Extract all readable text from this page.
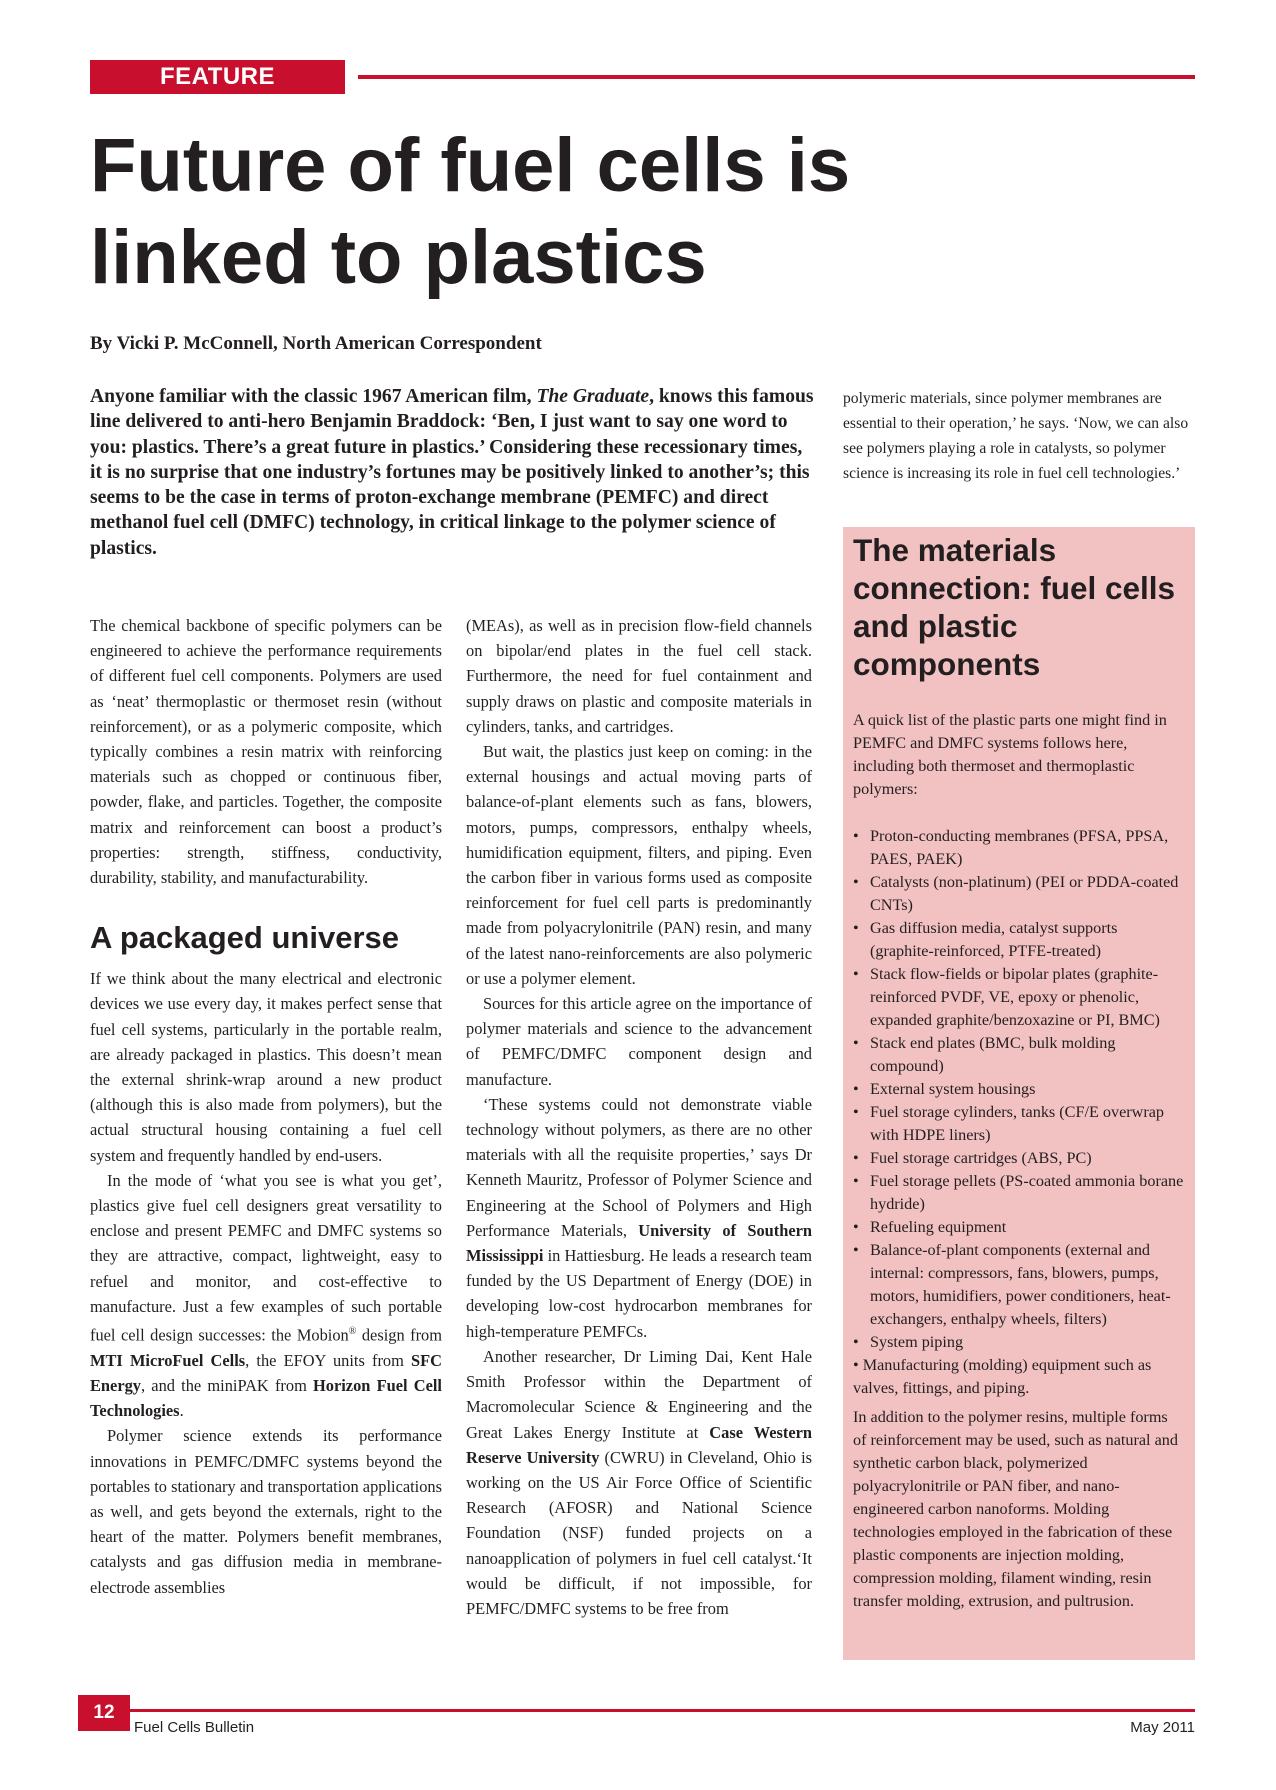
FEATURE
Future of fuel cells is linked to plastics

By Vicki P. McConnell, North American Correspondent

Anyone familiar with the classic 1967 American film, The Graduate, knows this famous line delivered to anti-hero Benjamin Braddock: ‘Ben, I just want to say one word to you: plastics. There’s a great future in plastics.’ Considering these recessionary times, it is no surprise that one industry’s fortunes may be positively linked to another’s; this seems to be the case in terms of proton-exchange membrane (PEMFC) and direct methanol fuel cell (DMFC) technology, in critical linkage to the polymer science of plastics.

The chemical backbone of specific polymers can be engineered to achieve the performance requirements of different fuel cell components. Polymers are used as ‘neat’ thermoplastic or thermoset resin (without reinforcement), or as a polymeric composite, which typically combines a resin matrix with reinforcing materials such as chopped or continuous fiber, powder, flake, and particles. Together, the composite matrix and reinforcement can boost a product’s properties: strength, stiffness, conductivity, durability, stability, and manufacturability.

A packaged universe

If we think about the many electrical and electronic devices we use every day, it makes perfect sense that fuel cell systems, particularly in the portable realm, are already packaged in plastics. This doesn’t mean the external shrink-wrap around a new product (although this is also made from polymers), but the actual structural housing containing a fuel cell system and frequently handled by end-users.

In the mode of ‘what you see is what you get’, plastics give fuel cell designers great versatility to enclose and present PEMFC and DMFC systems so they are attractive, compact, lightweight, easy to refuel and monitor, and cost-effective to manufacture. Just a few examples of such portable fuel cell design successes: the Mobion® design from MTI MicroFuel Cells, the EFOY units from SFC Energy, and the miniPAK from Horizon Fuel Cell Technologies.

Polymer science extends its performance innovations in PEMFC/DMFC systems beyond the portables to stationary and transportation applications as well, and gets beyond the externals, right to the heart of the matter. Polymers benefit membranes, catalysts and gas diffusion media in membrane-electrode assemblies

(MEAs), as well as in precision flow-field channels on bipolar/end plates in the fuel cell stack. Furthermore, the need for fuel containment and supply draws on plastic and composite materials in cylinders, tanks, and cartridges.

But wait, the plastics just keep on coming: in the external housings and actual moving parts of balance-of-plant elements such as fans, blowers, motors, pumps, compressors, enthalpy wheels, humidification equipment, filters, and piping. Even the carbon fiber in various forms used as composite reinforcement for fuel cell parts is predominantly made from polyacrylonitrile (PAN) resin, and many of the latest nano-reinforcements are also polymeric or use a polymer element.

Sources for this article agree on the importance of polymer materials and science to the advancement of PEMFC/DMFC component design and manufacture.

‘These systems could not demonstrate viable technology without polymers, as there are no other materials with all the requisite properties,’ says Dr Kenneth Mauritz, Professor of Polymer Science and Engineering at the School of Polymers and High Performance Materials, University of Southern Mississippi in Hattiesburg. He leads a research team funded by the US Department of Energy (DOE) in developing low-cost hydrocarbon membranes for high-temperature PEMFCs.

Another researcher, Dr Liming Dai, Kent Hale Smith Professor within the Department of Macromolecular Science & Engineering and the Great Lakes Energy Institute at Case Western Reserve University (CWRU) in Cleveland, Ohio is working on the US Air Force Office of Scientific Research (AFOSR) and National Science Foundation (NSF) funded projects on a nanoapplication of polymers in fuel cell catalyst.‘It would be difficult, if not impossible, for PEMFC/DMFC systems to be free from

polymeric materials, since polymer membranes are essential to their operation,’ he says. ‘Now, we can also see polymers playing a role in catalysts, so polymer science is increasing its role in fuel cell technologies.’

The materials connection: fuel cells and plastic components

A quick list of the plastic parts one might find in PEMFC and DMFC systems follows here, including both thermoset and thermoplastic polymers:

• Proton-conducting membranes (PFSA, PPSA, PAES, PAEK)
• Catalysts (non-platinum) (PEI or PDDA-coated CNTs)
• Gas diffusion media, catalyst supports (graphite-reinforced, PTFE-treated)
• Stack flow-fields or bipolar plates (graphite-reinforced PVDF, VE, epoxy or phenolic, expanded graphite/benzoxazine or PI, BMC)
• Stack end plates (BMC, bulk molding compound)
• External system housings
• Fuel storage cylinders, tanks (CF/E overwrap with HDPE liners)
• Fuel storage cartridges (ABS, PC)
• Fuel storage pellets (PS-coated ammonia borane hydride)
• Refueling equipment
• Balance-of-plant components (external and internal: compressors, fans, blowers, pumps, motors, humidifiers, power conditioners, heat-exchangers, enthalpy wheels, filters)
• System piping
• Manufacturing (molding) equipment such as valves, fittings, and piping.

In addition to the polymer resins, multiple forms of reinforcement may be used, such as natural and synthetic carbon black, polymerized polyacrylonitrile or PAN fiber, and nano-engineered carbon nanoforms. Molding technologies employed in the fabrication of these plastic components are injection molding, compression molding, filament winding, resin transfer molding, extrusion, and pultrusion.

12
Fuel Cells Bulletin	May 2011
